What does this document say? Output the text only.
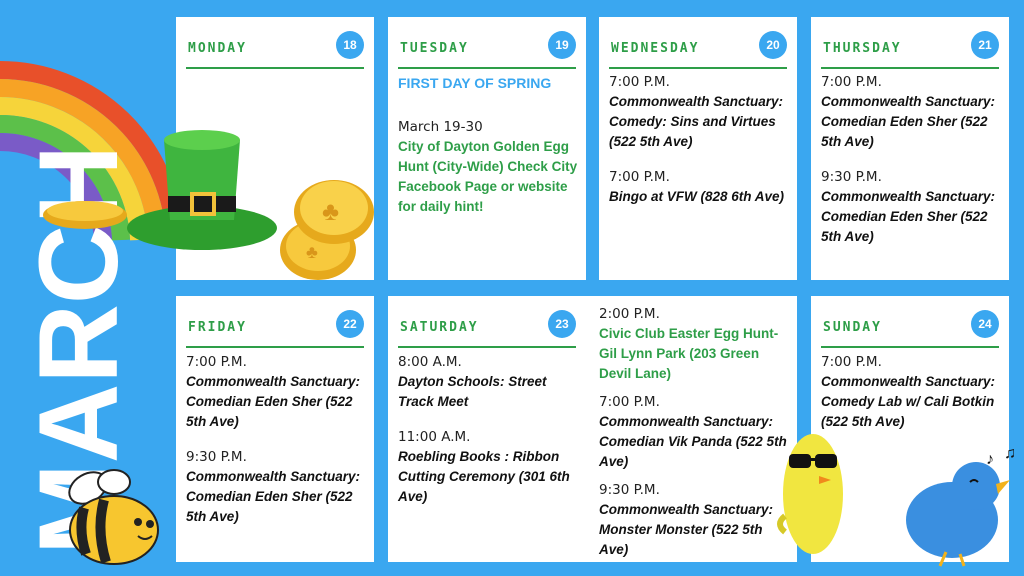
MARCH
MONDAY	18
♣
♣
TUESDAY	19
FIRST DAY OF SPRING
March 19-30
City of Dayton Golden Egg Hunt (City-Wide) Check City Facebook Page or website for daily hint!
WEDNESDAY	20
7:00 P.M.
Commonwealth Sanctuary: Comedy: Sins and Virtues (522 5th Ave)
7:00 P.M.
Bingo at VFW (828 6th Ave)
THURSDAY	21
7:00 P.M.
Commonwealth Sanctuary: Comedian Eden Sher (522 5th Ave)
9:30 P.M.
Commonwealth Sanctuary: Comedian Eden Sher (522 5th Ave)
FRIDAY	22
7:00 P.M.
Commonwealth Sanctuary: Comedian Eden Sher (522 5th Ave)
9:30 P.M.
Commonwealth Sanctuary: Comedian Eden Sher (522 5th Ave)
SATURDAY	23
8:00 A.M.
Dayton Schools: Street Track Meet
11:00 A.M.
Roebling Books : Ribbon Cutting Ceremony (301 6th Ave)
2:00 P.M.
Civic Club Easter Egg Hunt- Gil Lynn Park (203 Green Devil Lane)
7:00 P.M.
Commonwealth Sanctuary: Comedian Vik Panda (522 5th Ave)
9:30 P.M.
Commonwealth Sanctuary: Monster Monster (522 5th Ave)
SUNDAY	24
7:00 P.M.
Commonwealth Sanctuary: Comedy Lab w/ Cali Botkin (522 5th Ave)
♪ ♫
